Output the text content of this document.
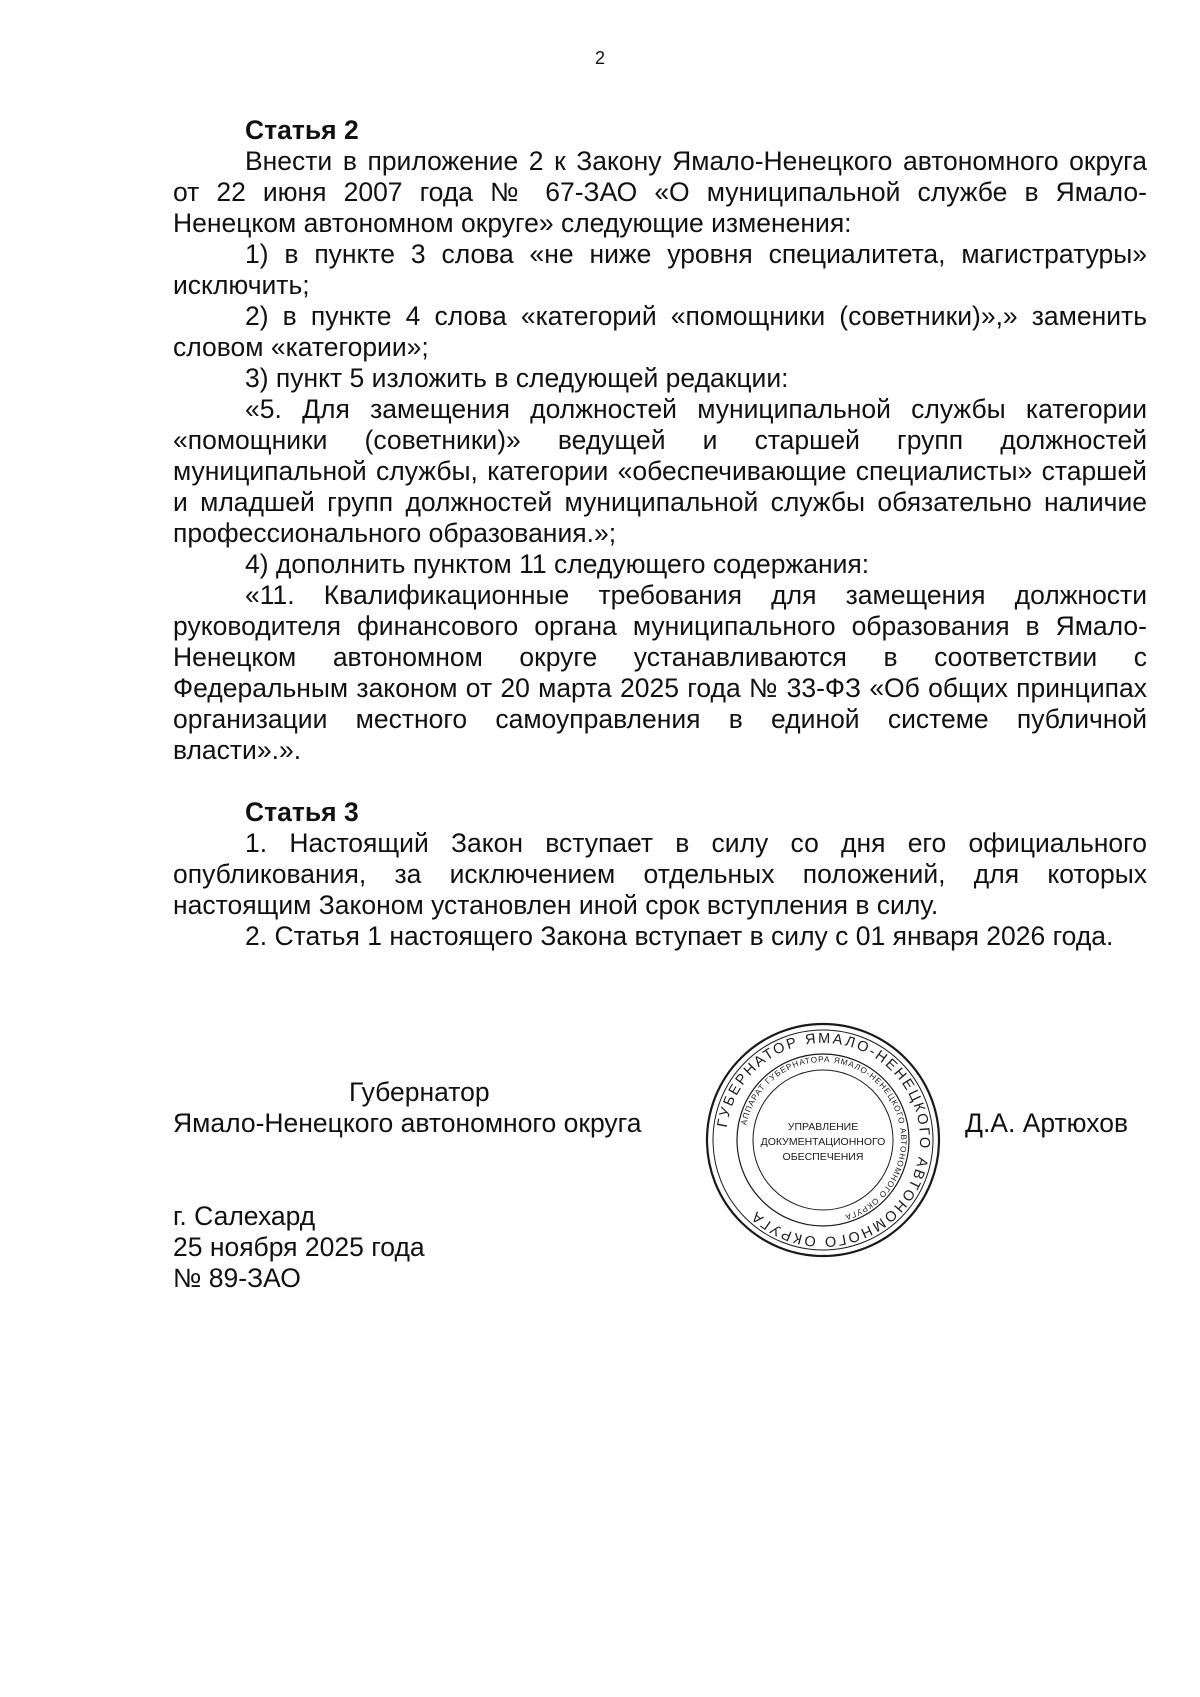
2

Статья 2

Внести в приложение 2 к Закону Ямало-Ненецкого автономного округа от 22 июня 2007 года № 67-ЗАО «О муниципальной службе в Ямало-Ненецком автономном округе» следующие изменения:

1) в пункте 3 слова «не ниже уровня специалитета, магистратуры» исключить;

2) в пункте 4 слова «категорий «помощники (советники)»,» заменить словом «категории»;

3) пункт 5 изложить в следующей редакции:

«5. Для замещения должностей муниципальной службы категории «помощники (советники)» ведущей и старшей групп должностей муниципальной службы, категории «обеспечивающие специалисты» старшей и младшей групп должностей муниципальной службы обязательно наличие профессионального образования.»;

4) дополнить пунктом 11 следующего содержания:

«11. Квалификационные требования для замещения должности руководителя финансового органа муниципального образования в Ямало-Ненецком автономном округе устанавливаются в соответствии с Федеральным законом от 20 марта 2025 года № 33-ФЗ «Об общих принципах организации местного самоуправления в единой системе публичной власти».».

Статья 3

1. Настоящий Закон вступает в силу со дня его официального опубликования, за исключением отдельных положений, для которых настоящим Законом установлен иной срок вступления в силу.

2. Статья 1 настоящего Закона вступает в силу с 01 января 2026 года.

Губернатор
Ямало-Ненецкого автономного округа	ГУБЕРНАТОР ЯМАЛО-НЕНЕЦКОГО АВТОНОМНОГО ОКРУГА
АППАРАТ ГУБЕРНАТОРА ЯМАЛО-НЕНЕЦКОГО АВТОНОМНОГО ОКРУГА
УПРАВЛЕНИЕ
ДОКУМЕНТАЦИОННОГО
ОБЕСПЕЧЕНИЯ
Д.А. Артюхов
г. Салехард
25 ноября 2025 года
№ 89-ЗАО
